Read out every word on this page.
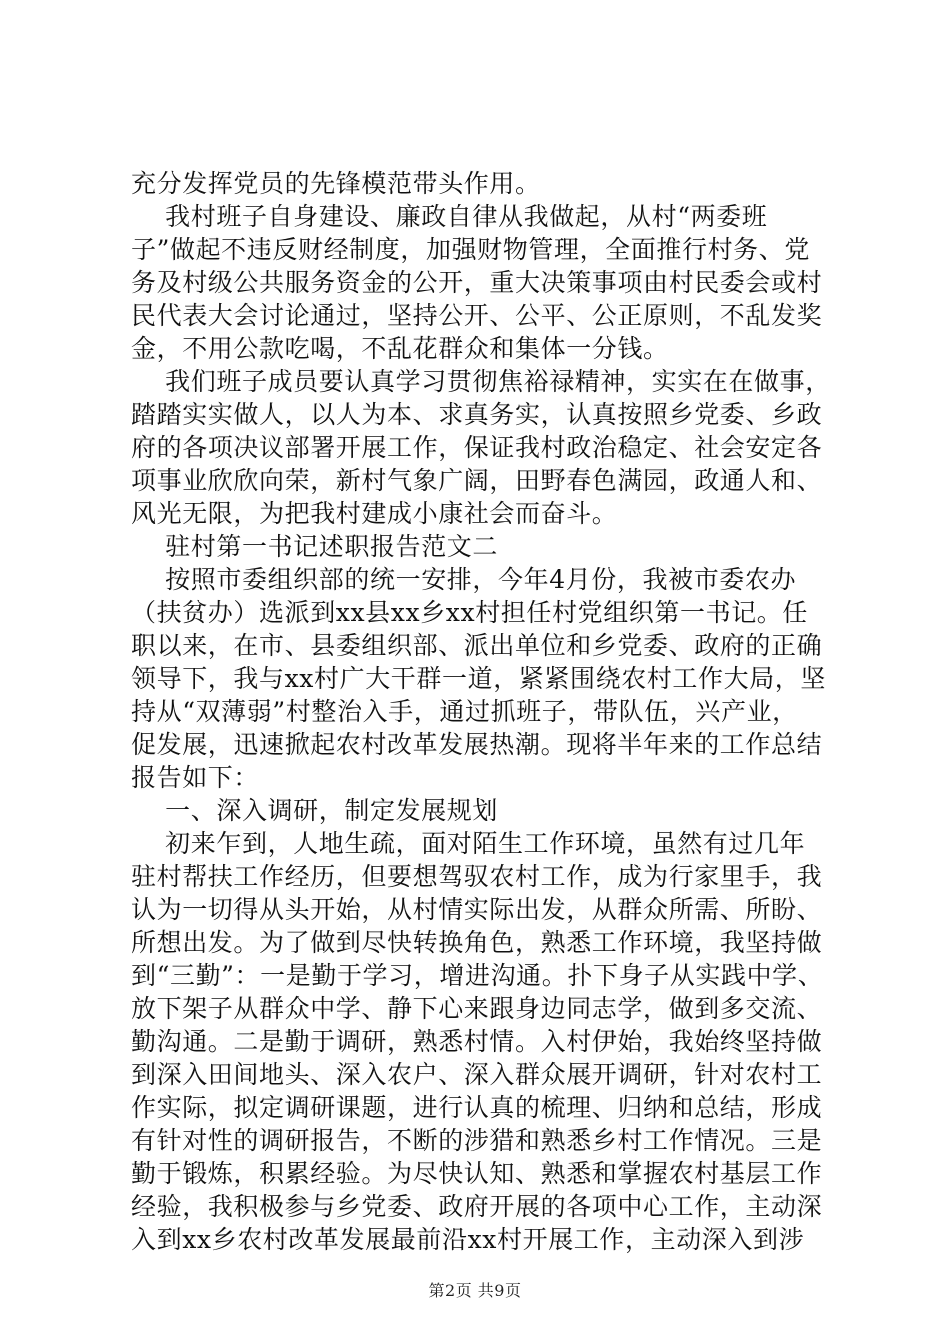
充分发挥党员的先锋模范带头作用。
我村班子自身建设、廉政自律从我做起，从村“两委班
子”做起不违反财经制度，加强财物管理，全面推行村务、党
务及村级公共服务资金的公开，重大决策事项由村民委会或村
民代表大会讨论通过，坚持公开、公平、公正原则，不乱发奖
金，不用公款吃喝，不乱花群众和集体一分钱。
我们班子成员要认真学习贯彻焦裕禄精神，实实在在做事，
踏踏实实做人，以人为本、求真务实，认真按照乡党委、乡政
府的各项决议部署开展工作，保证我村政治稳定、社会安定各
项事业欣欣向荣，新村气象广阔，田野春色满园，政通人和、
风光无限，为把我村建成小康社会而奋斗。
驻村第一书记述职报告范文二
按照市委组织部的统一安排，今年4月份，我被市委农办
（扶贫办）选派到xx县xx乡xx村担任村党组织第一书记。任
职以来，在市、县委组织部、派出单位和乡党委、政府的正确
领导下，我与xx村广大干群一道，紧紧围绕农村工作大局，坚
持从“双薄弱”村整治入手，通过抓班子，带队伍，兴产业，
促发展，迅速掀起农村改革发展热潮。现将半年来的工作总结
报告如下：
一、深入调研，制定发展规划
初来乍到，人地生疏，面对陌生工作环境，虽然有过几年
驻村帮扶工作经历，但要想驾驭农村工作，成为行家里手，我
认为一切得从头开始，从村情实际出发，从群众所需、所盼、
所想出发。为了做到尽快转换角色，熟悉工作环境，我坚持做
到“三勤”：一是勤于学习，增进沟通。扑下身子从实践中学、
放下架子从群众中学、静下心来跟身边同志学，做到多交流、
勤沟通。二是勤于调研，熟悉村情。入村伊始，我始终坚持做
到深入田间地头、深入农户、深入群众展开调研，针对农村工
作实际，拟定调研课题，进行认真的梳理、归纳和总结，形成
有针对性的调研报告，不断的涉猎和熟悉乡村工作情况。三是
勤于锻炼，积累经验。为尽快认知、熟悉和掌握农村基层工作
经验，我积极参与乡党委、政府开展的各项中心工作，主动深
入到xx乡农村改革发展最前沿xx村开展工作，主动深入到涉
第2页 共9页
